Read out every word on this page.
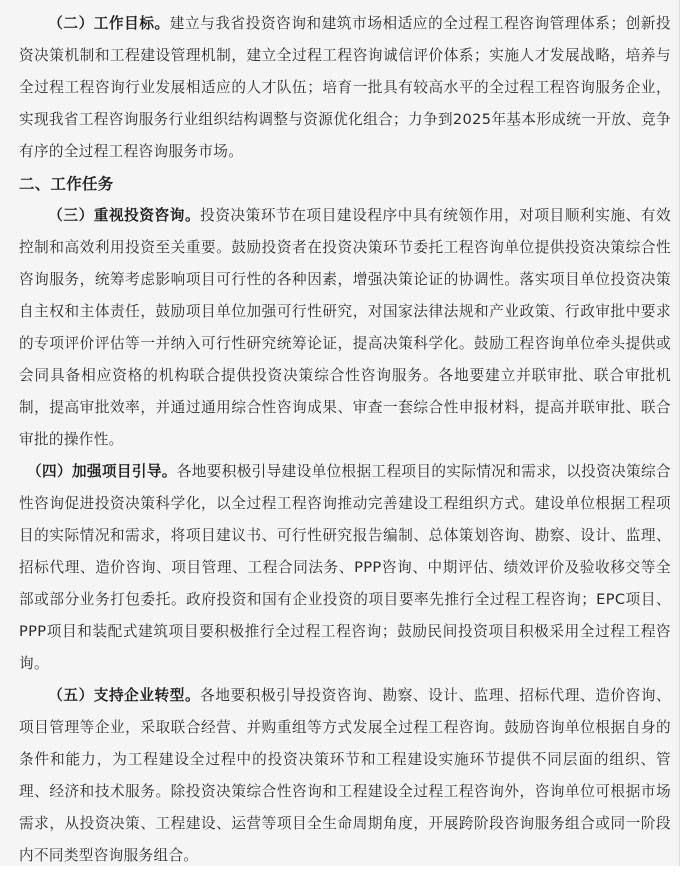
（二）工作目标。建立与我省投资咨询和建筑市场相适应的全过程工程咨询管理体系；创新投资决策机制和工程建设管理机制，建立全过程工程咨询诚信评价体系；实施人才发展战略，培养与全过程工程咨询行业发展相适应的人才队伍；培育一批具有较高水平的全过程工程咨询服务企业，实现我省工程咨询服务行业组织结构调整与资源优化组合；力争到2025年基本形成统一开放、竞争有序的全过程工程咨询服务市场。

二、工作任务

（三）重视投资咨询。投资决策环节在项目建设程序中具有统领作用，对项目顺利实施、有效控制和高效利用投资至关重要。鼓励投资者在投资决策环节委托工程咨询单位提供投资决策综合性咨询服务，统筹考虑影响项目可行性的各种因素，增强决策论证的协调性。落实项目单位投资决策自主权和主体责任，鼓励项目单位加强可行性研究，对国家法律法规和产业政策、行政审批中要求的专项评价评估等一并纳入可行性研究统筹论证，提高决策科学化。鼓励工程咨询单位牵头提供或会同具备相应资格的机构联合提供投资决策综合性咨询服务。各地要建立并联审批、联合审批机制，提高审批效率，并通过通用综合性咨询成果、审查一套综合性申报材料，提高并联审批、联合审批的操作性。

（四）加强项目引导。各地要积极引导建设单位根据工程项目的实际情况和需求，以投资决策综合性咨询促进投资决策科学化，以全过程工程咨询推动完善建设工程组织方式。建设单位根据工程项目的实际情况和需求，将项目建议书、可行性研究报告编制、总体策划咨询、勘察、设计、监理、招标代理、造价咨询、项目管理、工程合同法务、PPP咨询、中期评估、绩效评价及验收移交等全部或部分业务打包委托。政府投资和国有企业投资的项目要率先推行全过程工程咨询；EPC项目、PPP项目和装配式建筑项目要积极推行全过程工程咨询；鼓励民间投资项目积极采用全过程工程咨询。

（五）支持企业转型。各地要积极引导投资咨询、勘察、设计、监理、招标代理、造价咨询、项目管理等企业，采取联合经营、并购重组等方式发展全过程工程咨询。鼓励咨询单位根据自身的条件和能力，为工程建设全过程中的投资决策环节和工程建设实施环节提供不同层面的组织、管理、经济和技术服务。除投资决策综合性咨询和工程建设全过程工程咨询外，咨询单位可根据市场需求，从投资决策、工程建设、运营等项目全生命周期角度，开展跨阶段咨询服务组合或同一阶段内不同类型咨询服务组合。
